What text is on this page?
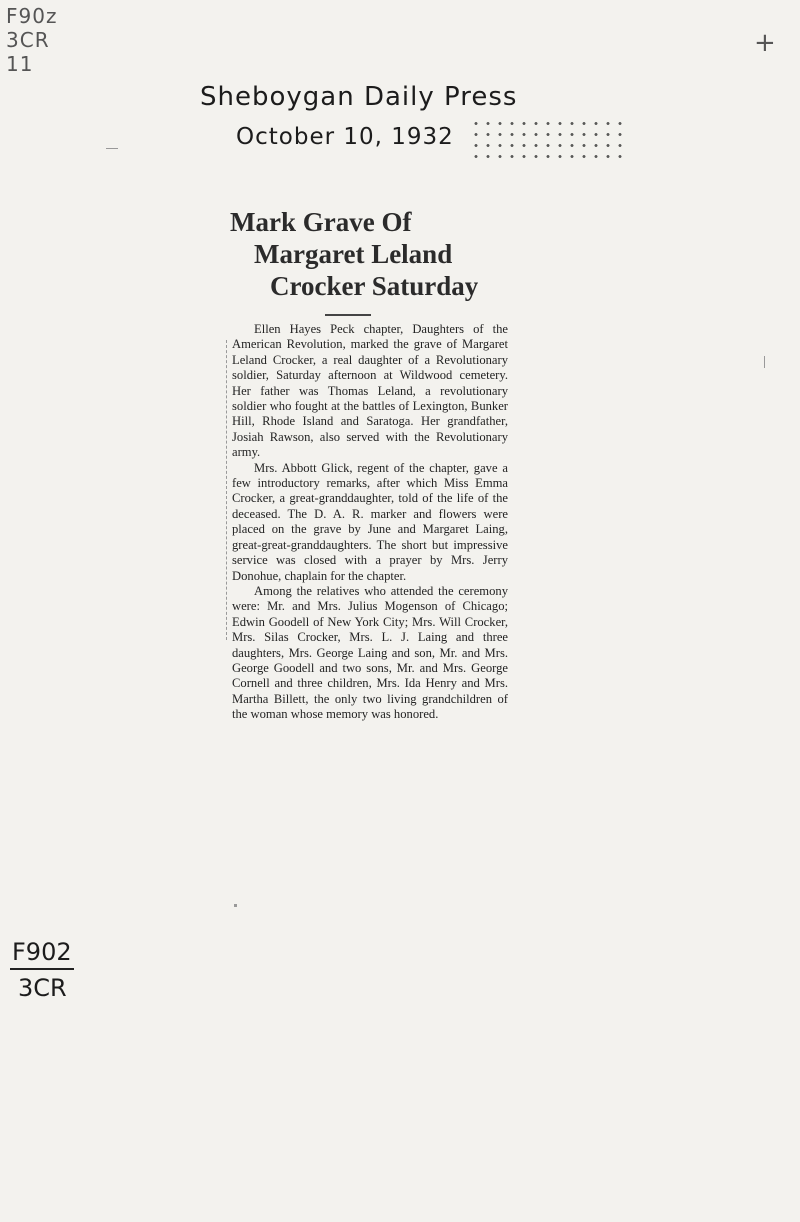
F90z
3CR
11
+
Sheboygan Daily Press
October 10, 1932
Mark Grave Of
Margaret Leland
Crocker Saturday

Ellen Hayes Peck chapter, Daughters of the American Revolution, marked the grave of Margaret Leland Crocker, a real daughter of a Revolutionary soldier, Saturday afternoon at Wildwood cemetery. Her father was Thomas Leland, a revolutionary soldier who fought at the battles of Lexington, Bunker Hill, Rhode Island and Saratoga. Her grandfather, Josiah Rawson, also served with the Revolutionary army.

Mrs. Abbott Glick, regent of the chapter, gave a few introductory remarks, after which Miss Emma Crocker, a great-granddaughter, told of the life of the deceased. The D. A. R. marker and flowers were placed on the grave by June and Margaret Laing, great-great-granddaughters. The short but impressive service was closed with a prayer by Mrs. Jerry Donohue, chaplain for the chapter.

Among the relatives who attended the ceremony were: Mr. and Mrs. Julius Mogenson of Chicago; Edwin Goodell of New York City; Mrs. Will Crocker, Mrs. Silas Crocker, Mrs. L. J. Laing and three daughters, Mrs. George Laing and son, Mr. and Mrs. George Goodell and two sons, Mr. and Mrs. George Cornell and three children, Mrs. Ida Henry and Mrs. Martha Billett, the only two living grandchildren of the woman whose memory was honored.

F902
3CR
